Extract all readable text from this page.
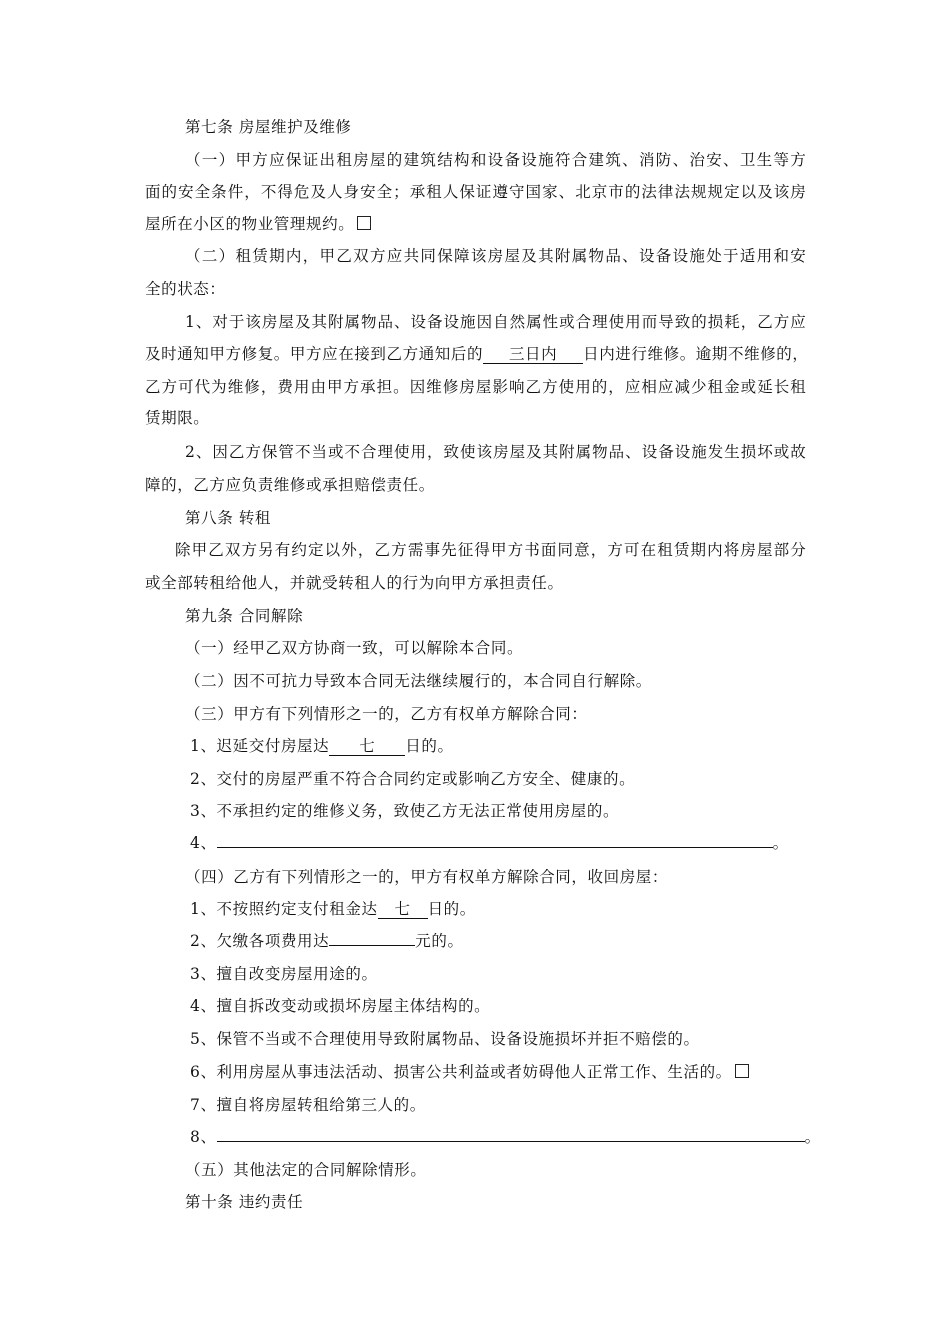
第七条 房屋维护及维修
（一）甲方应保证出租房屋的建筑结构和设备设施符合建筑、消防、治安、卫生等方
面的安全条件，不得危及人身安全；承租人保证遵守国家、北京市的法律法规规定以及该房
屋所在小区的物业管理规约。
（二）租赁期内，甲乙双方应共同保障该房屋及其附属物品、设备设施处于适用和安
全的状态：
1、对于该房屋及其附属物品、设备设施因自然属性或合理使用而导致的损耗，乙方应
及时通知甲方修复。甲方应在接到乙方通知后的 三日内 日内进行维修。逾期不维修的，
乙方可代为维修，费用由甲方承担。因维修房屋影响乙方使用的，应相应减少租金或延长租
赁期限。
2、因乙方保管不当或不合理使用，致使该房屋及其附属物品、设备设施发生损坏或故
障的，乙方应负责维修或承担赔偿责任。
第八条 转租
除甲乙双方另有约定以外，乙方需事先征得甲方书面同意，方可在租赁期内将房屋部分
或全部转租给他人，并就受转租人的行为向甲方承担责任。
第九条 合同解除
（一）经甲乙双方协商一致，可以解除本合同。
（二）因不可抗力导致本合同无法继续履行的，本合同自行解除。
（三）甲方有下列情形之一的，乙方有权单方解除合同：
1、迟延交付房屋达 七 日的。
2、交付的房屋严重不符合合同约定或影响乙方安全、健康的。
3、不承担约定的维修义务，致使乙方无法正常使用房屋的。
4、	。
（四）乙方有下列情形之一的，甲方有权单方解除合同，收回房屋：
1、不按照约定支付租金达 七 日的。
2、欠缴各项费用达	元的。
3、擅自改变房屋用途的。
4、擅自拆改变动或损坏房屋主体结构的。
5、保管不当或不合理使用导致附属物品、设备设施损坏并拒不赔偿的。
6、利用房屋从事违法活动、损害公共利益或者妨碍他人正常工作、生活的。
7、擅自将房屋转租给第三人的。
8、	。
（五）其他法定的合同解除情形。
第十条 违约责任
